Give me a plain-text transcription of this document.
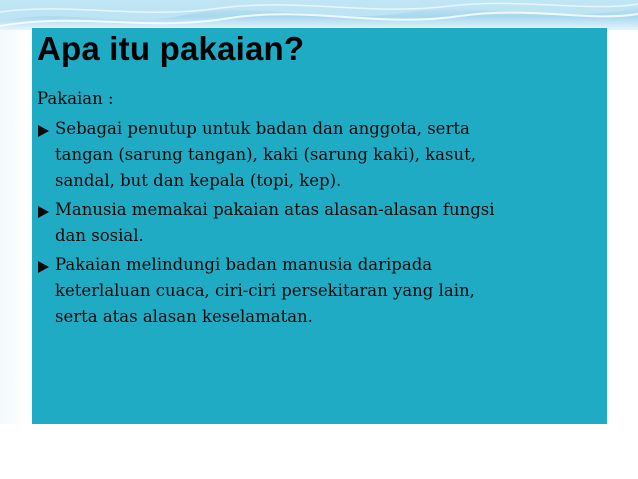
Apa itu pakaian?

Pakaian :

Sebagai penutup untuk badan dan anggota, serta
tangan (sarung tangan), kaki (sarung kaki), kasut,
sandal, but dan kepala (topi, kep).
Manusia memakai pakaian atas alasan-alasan fungsi
dan sosial.
Pakaian melindungi badan manusia daripada
keterlaluan cuaca, ciri-ciri persekitaran yang lain,
serta atas alasan keselamatan.
